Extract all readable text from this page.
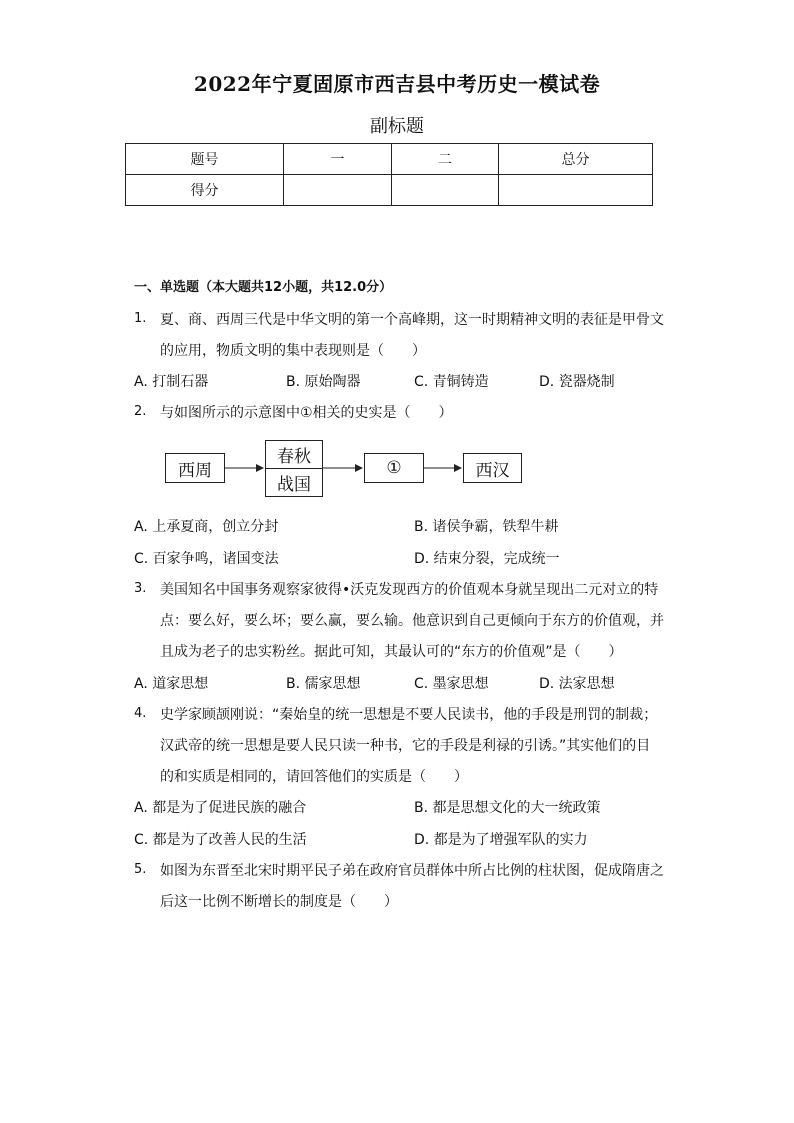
2022年宁夏固原市西吉县中考历史一模试卷
副标题
题号	一	二	总分
得分			
一、单选题（本大题共12小题，共12.0分）
1. 夏、商、西周三代是中华文明的第一个高峰期，这一时期精神文明的表征是甲骨文
的应用，物质文明的集中表现则是（　　）
A. 打制石器	B. 原始陶器	C. 青铜铸造	D. 瓷器烧制
2. 与如图所示的示意图中①相关的史实是（　　）
西周
春秋
战国
①	西汉
A. 上承夏商，创立分封	B. 诸侯争霸，铁犁牛耕
C. 百家争鸣，诸国变法	D. 结束分裂，完成统一
3. 美国知名中国事务观察家彼得•沃克发现西方的价值观本身就呈现出二元对立的特
点：要么好，要么坏；要么赢，要么输。他意识到自己更倾向于东方的价值观，并
且成为老子的忠实粉丝。据此可知，其最认可的“东方的价值观”是（　　）
A. 道家思想	B. 儒家思想	C. 墨家思想	D. 法家思想
4. 史学家顾颉刚说：“秦始皇的统一思想是不要人民读书，他的手段是刑罚的制裁；
汉武帝的统一思想是要人民只读一种书，它的手段是利禄的引诱。”其实他们的目
的和实质是相同的，请回答他们的实质是（　　）
A. 都是为了促进民族的融合	B. 都是思想文化的大一统政策
C. 都是为了改善人民的生活	D. 都是为了增强军队的实力
5. 如图为东晋至北宋时期平民子弟在政府官员群体中所占比例的柱状图，促成隋唐之
后这一比例不断增长的制度是（　　）
